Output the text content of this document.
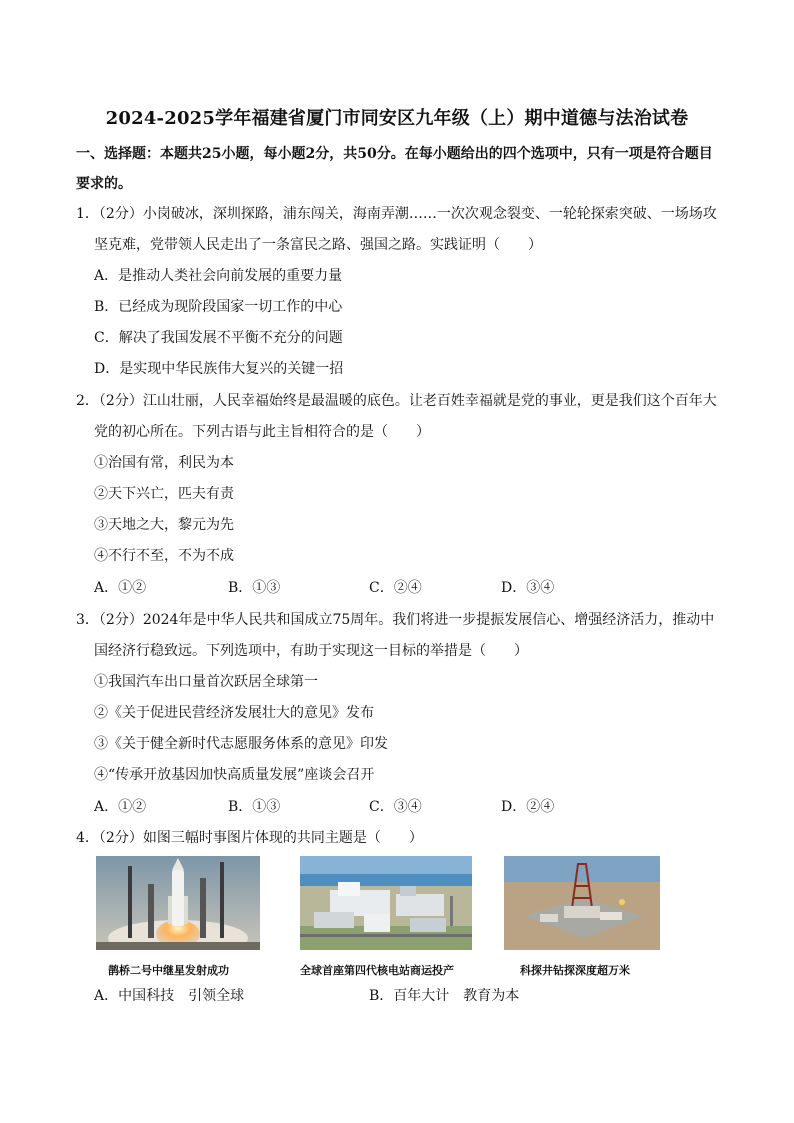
2024-2025学年福建省厦门市同安区九年级（上）期中道德与法治试卷
一、选择题：本题共25小题，每小题2分，共50分。在每小题给出的四个选项中，只有一项是符合题目
要求的。
1．（2分）小岗破冰，深圳探路，浦东闯关，海南弄潮……一次次观念裂变、一轮轮探索突破、一场场攻
坚克难，党带领人民走出了一条富民之路、强国之路。实践证明（　　）
A．是推动人类社会向前发展的重要力量
B．已经成为现阶段国家一切工作的中心
C．解决了我国发展不平衡不充分的问题
D．是实现中华民族伟大复兴的关键一招
2．（2分）江山壮丽，人民幸福始终是最温暖的底色。让老百姓幸福就是党的事业，更是我们这个百年大
党的初心所在。下列古语与此主旨相符合的是（　　）
①治国有常，利民为本
②天下兴亡，匹夫有责
③天地之大，黎元为先
④不行不至，不为不成
A．①②	B．①③	C．②④	D．③④
3．（2分）2024年是中华人民共和国成立75周年。我们将进一步提振发展信心、增强经济活力，推动中
国经济行稳致远。下列选项中，有助于实现这一目标的举措是（　　）
①我国汽车出口量首次跃居全球第一
②《关于促进民营经济发展壮大的意见》发布
③《关于健全新时代志愿服务体系的意见》印发
④“传承开放基因加快高质量发展”座谈会召开
A．①②	B．①③	C．③④	D．②④
4．（2分）如图三幅时事图片体现的共同主题是（　　）
鹊桥二号中继星发射成功	全球首座第四代核电站商运投产	科探井钻探深度超万米
A．中国科技　引领全球	B．百年大计　教育为本
